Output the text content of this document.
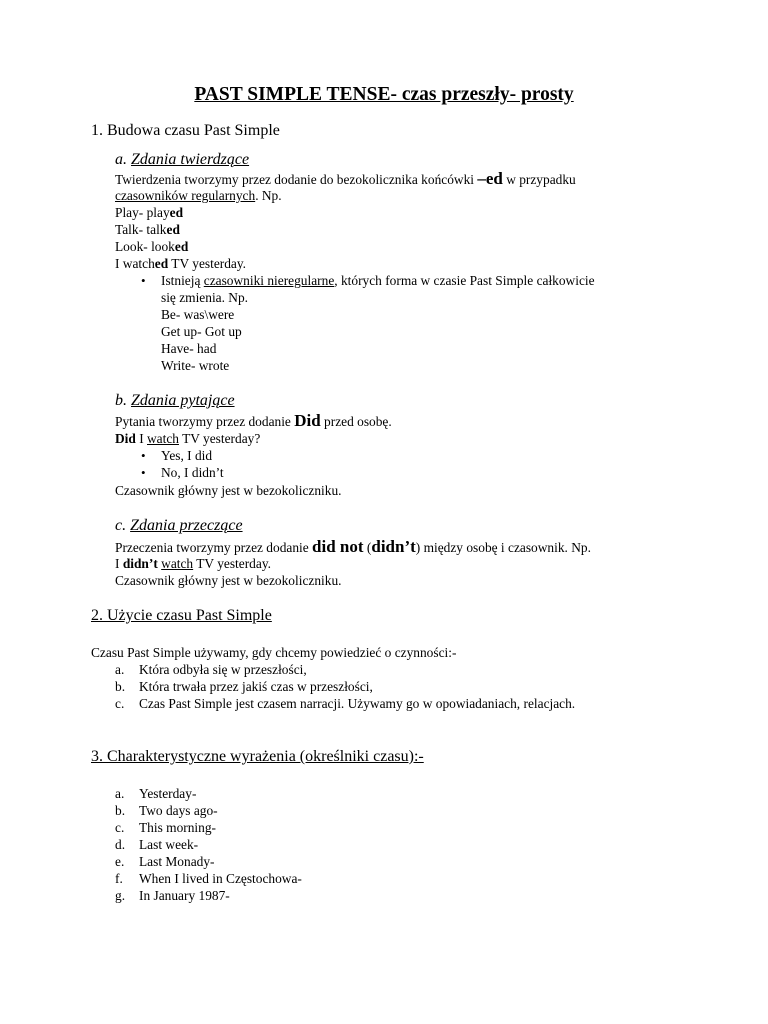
PAST SIMPLE TENSE- czas przeszły- prosty

1. Budowa czasu Past Simple

a. Zdania twierdzące

Twierdzenia tworzymy przez dodanie do bezokolicznika końcówki –ed w przypadku

czasowników regularnych. Np.

Play- played

Talk- talked

Look- looked

I watched TV yesterday.

• Istnieją czasowniki nieregularne, których forma w czasie Past Simple całkowicie

się zmienia. Np.

Be- was\were

Get up- Got up

Have- had

Write- wrote

b. Zdania pytające

Pytania tworzymy przez dodanie Did przed osobę.

Did I watch TV yesterday?

• Yes, I did

• No, I didn’t

Czasownik główny jest w bezokoliczniku.

c. Zdania przeczące

Przeczenia tworzymy przez dodanie did not (didn’t) między osobę i czasownik. Np.

I didn’t watch TV yesterday.

Czasownik główny jest w bezokoliczniku.

2. Użycie czasu Past Simple

Czasu Past Simple używamy, gdy chcemy powiedzieć o czynności:-

a. Która odbyła się w przeszłości,

b. Która trwała przez jakiś czas w przeszłości,

c. Czas Past Simple jest czasem narracji. Używamy go w opowiadaniach, relacjach.

3. Charakterystyczne wyrażenia (określniki czasu):-

a. Yesterday-

b. Two days ago-

c. This morning-

d. Last week-

e. Last Monady-

f. When I lived in Częstochowa-

g. In January 1987-
